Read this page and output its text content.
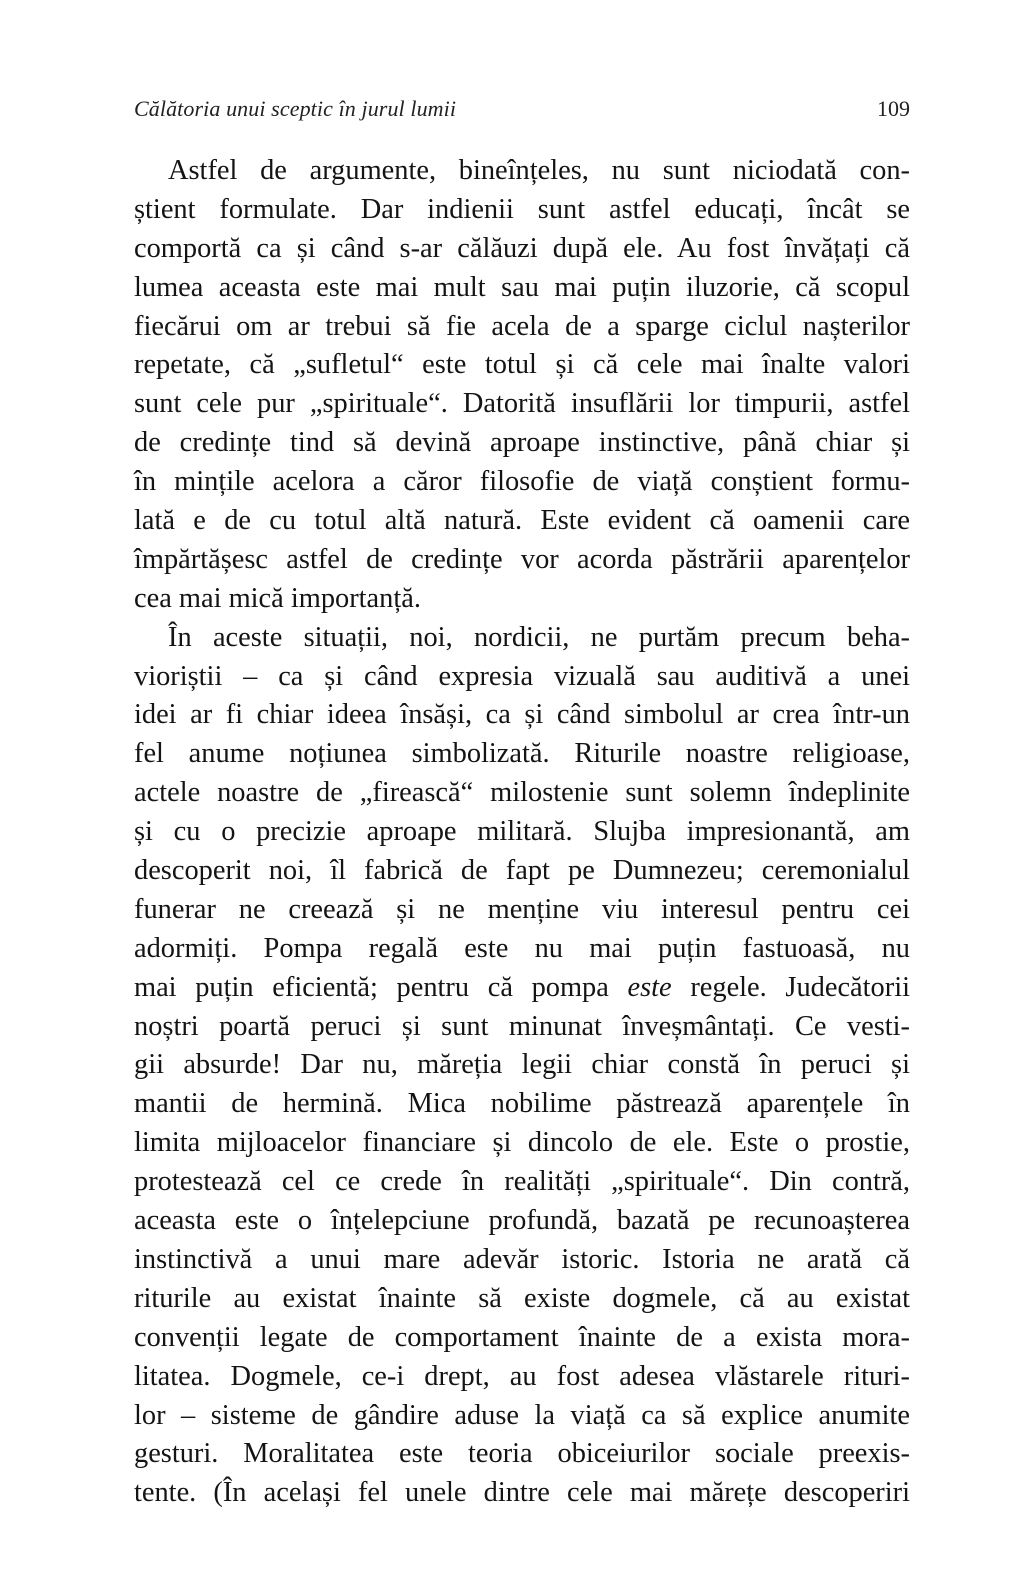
Călătoria unui sceptic în jurul lumii	109
Astfel de argumente, bineînțeles, nu sunt niciodată con-
știent formulate. Dar indienii sunt astfel educați, încât se
comportă ca și când s-ar călăuzi după ele. Au fost învățați că
lumea aceasta este mai mult sau mai puțin iluzorie, că scopul
fiecărui om ar trebui să fie acela de a sparge ciclul nașterilor
repetate, că „sufletul“ este totul și că cele mai înalte valori
sunt cele pur „spirituale“. Datorită insuflării lor timpurii, astfel
de credințe tind să devină aproape instinctive, până chiar și
în mințile acelora a căror filosofie de viață conștient formu-
lată e de cu totul altă natură. Este evident că oamenii care
împărtășesc astfel de credințe vor acorda păstrării aparențelor
cea mai mică importanță.
În aceste situații, noi, nordicii, ne purtăm precum beha-
vioriștii – ca și când expresia vizuală sau auditivă a unei
idei ar fi chiar ideea însăși, ca și când simbolul ar crea într-un
fel anume noțiunea simbolizată. Riturile noastre religioase,
actele noastre de „firească“ milostenie sunt solemn îndeplinite
și cu o precizie aproape militară. Slujba impresionantă, am
descoperit noi, îl fabrică de fapt pe Dumnezeu; ceremonialul
funerar ne creează și ne menține viu interesul pentru cei
adormiți. Pompa regală este nu mai puțin fastuoasă, nu
mai puțin eficientă; pentru că pompa este regele. Judecătorii
noștri poartă peruci și sunt minunat înveșmântați. Ce vesti-
gii absurde! Dar nu, măreția legii chiar constă în peruci și
mantii de hermină. Mica nobilime păstrează aparențele în
limita mijloacelor financiare și dincolo de ele. Este o prostie,
protestează cel ce crede în realități „spirituale“. Din contră,
aceasta este o înțelepciune profundă, bazată pe recunoașterea
instinctivă a unui mare adevăr istoric. Istoria ne arată că
riturile au existat înainte să existe dogmele, că au existat
convenții legate de comportament înainte de a exista mora-
litatea. Dogmele, ce-i drept, au fost adesea vlăstarele rituri-
lor – sisteme de gândire aduse la viață ca să explice anumite
gesturi. Moralitatea este teoria obiceiurilor sociale preexis-
tente. (În același fel unele dintre cele mai mărețe descoperiri
